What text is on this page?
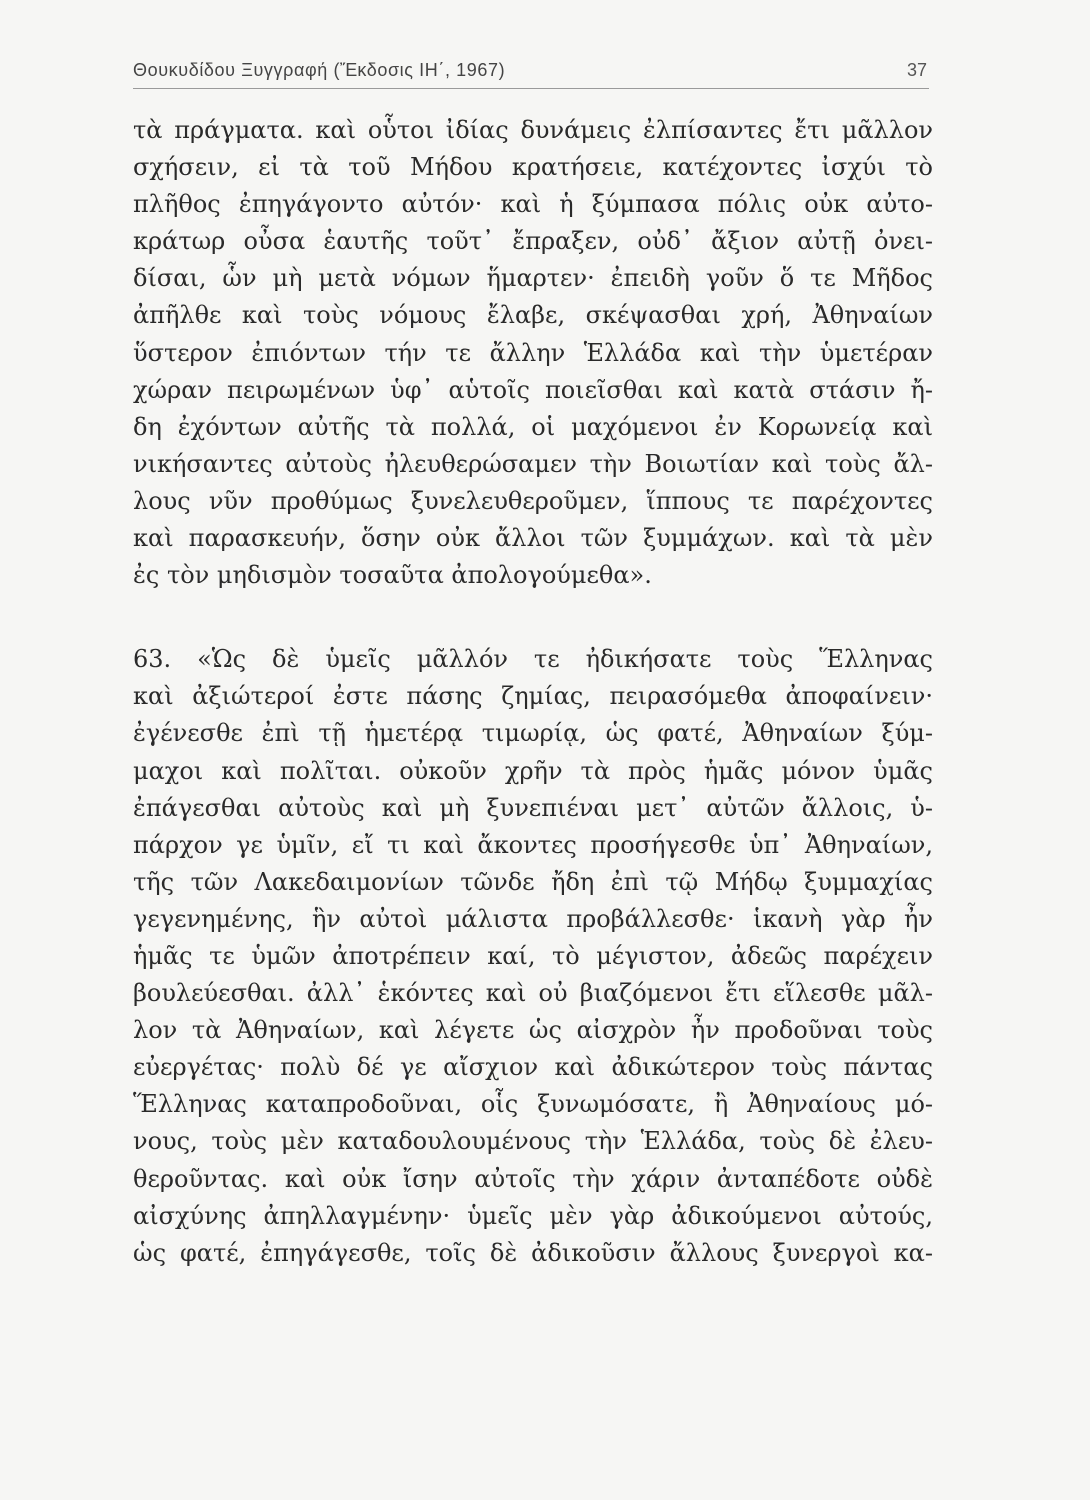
Θουκυδίδου Ξυγγραφή (Ἔκδοσις ΙΗ΄, 1967)	37
τὰ πράγματα. καὶ οὗτοι ἰδίας δυνάμεις ἐλπίσαντες ἔτι μᾶλλον
σχήσειν, εἰ τὰ τοῦ Μήδου κρατήσειε, κατέχοντες ἰσχύι τὸ
πλῆθος ἐπηγάγοντο αὐτόν· καὶ ἡ ξύμπασα πόλις οὐκ αὐτο-
κράτωρ οὖσα ἑαυτῆς τοῦτ᾽ ἔπραξεν, οὐδ᾽ ἄξιον αὐτῇ ὀνει-
δίσαι, ὧν μὴ μετὰ νόμων ἥμαρτεν· ἐπειδὴ γοῦν ὅ τε Μῆδος
ἀπῆλθε καὶ τοὺς νόμους ἔλαβε, σκέψασθαι χρή, Ἀθηναίων
ὕστερον ἐπιόντων τήν τε ἄλλην Ἑλλάδα καὶ τὴν ὑμετέραν
χώραν πειρωμένων ὑφ᾽ αὑτοῖς ποιεῖσθαι καὶ κατὰ στάσιν ἤ-
δη ἐχόντων αὐτῆς τὰ πολλά, οἱ μαχόμενοι ἐν Κορωνείᾳ καὶ
νικήσαντες αὐτοὺς ἠλευθερώσαμεν τὴν Βοιωτίαν καὶ τοὺς ἄλ-
λους νῦν προθύμως ξυνελευθεροῦμεν, ἵππους τε παρέχοντες
καὶ παρασκευήν, ὅσην οὐκ ἄλλοι τῶν ξυμμάχων. καὶ τὰ μὲν
ἐς τὸν μηδισμὸν τοσαῦτα ἀπολογούμεθα».
63. «Ὡς δὲ ὑμεῖς μᾶλλόν τε ἠδικήσατε τοὺς Ἕλληνας
καὶ ἀξιώτεροί ἐστε πάσης ζημίας, πειρασόμεθα ἀποφαίνειν·
ἐγένεσθε ἐπὶ τῇ ἡμετέρᾳ τιμωρίᾳ, ὡς φατέ, Ἀθηναίων ξύμ-
μαχοι καὶ πολῖται. οὐκοῦν χρῆν τὰ πρὸς ἡμᾶς μόνον ὑμᾶς
ἐπάγεσθαι αὐτοὺς καὶ μὴ ξυνεπιέναι μετ᾽ αὐτῶν ἄλλοις, ὑ-
πάρχον γε ὑμῖν, εἴ τι καὶ ἄκοντες προσήγεσθε ὑπ᾽ Ἀθηναίων,
τῆς τῶν Λακεδαιμονίων τῶνδε ἤδη ἐπὶ τῷ Μήδῳ ξυμμαχίας
γεγενημένης, ἣν αὐτοὶ μάλιστα προβάλλεσθε· ἱκανὴ γὰρ ἦν
ἡμᾶς τε ὑμῶν ἀποτρέπειν καί, τὸ μέγιστον, ἀδεῶς παρέχειν
βουλεύεσθαι. ἀλλ᾽ ἑκόντες καὶ οὐ βιαζόμενοι ἔτι εἵλεσθε μᾶλ-
λον τὰ Ἀθηναίων, καὶ λέγετε ὡς αἰσχρὸν ἦν προδοῦναι τοὺς
εὐεργέτας· πολὺ δέ γε αἴσχιον καὶ ἀδικώτερον τοὺς πάντας
Ἕλληνας καταπροδοῦναι, οἷς ξυνωμόσατε, ἢ Ἀθηναίους μό-
νους, τοὺς μὲν καταδουλουμένους τὴν Ἑλλάδα, τοὺς δὲ ἐλευ-
θεροῦντας. καὶ οὐκ ἴσην αὐτοῖς τὴν χάριν ἀνταπέδοτε οὐδὲ
αἰσχύνης ἀπηλλαγμένην· ὑμεῖς μὲν γὰρ ἀδικούμενοι αὐτούς,
ὡς φατέ, ἐπηγάγεσθε, τοῖς δὲ ἀδικοῦσιν ἄλλους ξυνεργοὶ κα-
